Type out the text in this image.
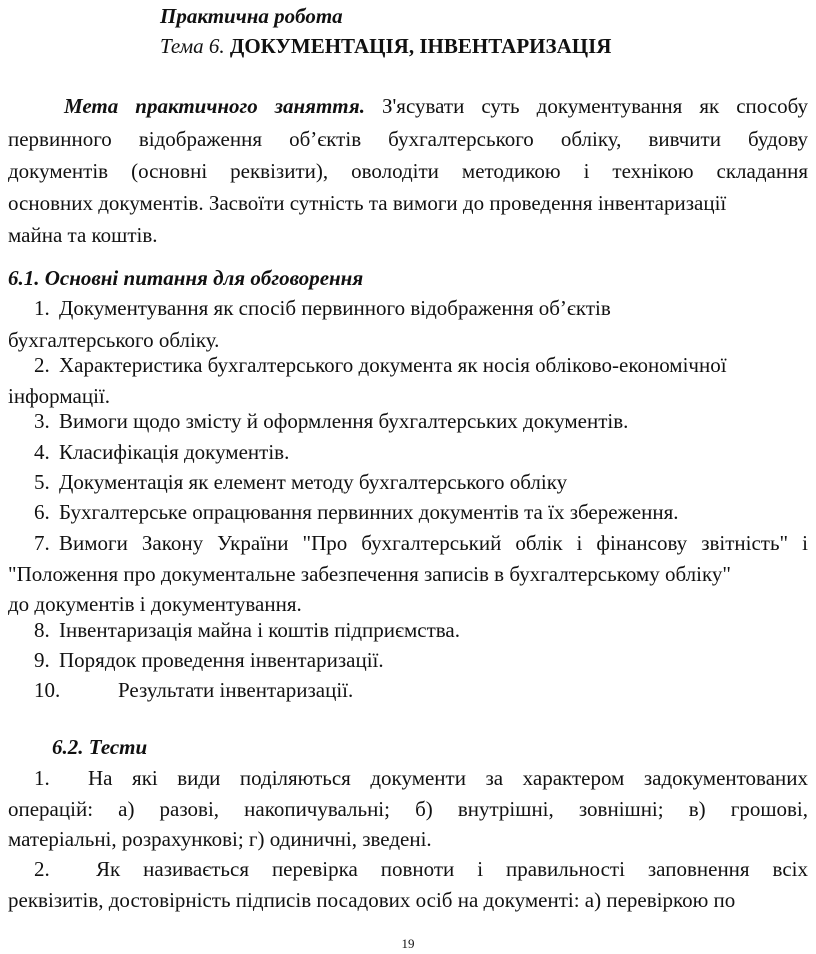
Практична робота
Тема 6. ДОКУМЕНТАЦІЯ, ІНВЕНТАРИЗАЦІЯ
Мета практичного заняття. З'ясувати суть документування як способу
первинного відображення об’єктів бухгалтерського обліку, вивчити будову
документів (основні реквізити), оволодіти методикою і технікою складання
основних документів. Засвоїти сутність та вимоги до проведення інвентаризації
майна та коштів.
6.1. Основні питання для обговорення
1. Документування як спосіб первинного відображення об’єктів
бухгалтерського обліку.
2. Характеристика бухгалтерського документа як носія обліково-економічної
інформації.
3. Вимоги щодо змісту й оформлення бухгалтерських документів.
4. Класифікація документів.
5. Документація як елемент методу бухгалтерського обліку
6. Бухгалтерське опрацювання первинних документів та їх збереження.
7. Вимоги Закону України "Про бухгалтерський облік і фінансову звітність" і
"Положення про документальне забезпечення записів в бухгалтерському обліку"
до документів і документування.
8. Інвентаризація майна і коштів підприємства.
9. Порядок проведення інвентаризації.
10.	Результати інвентаризації.
6.2. Тести
1. На які види поділяються документи за характером задокументованих
операцій: а) разові, накопичувальні; б) внутрішні, зовнішні; в) грошові,
матеріальні, розрахункові; г) одиничні, зведені.
2. Як називається перевірка повноти і правильності заповнення всіх
реквізитів, достовірність підписів посадових осіб на документі: а) перевіркою по
19
